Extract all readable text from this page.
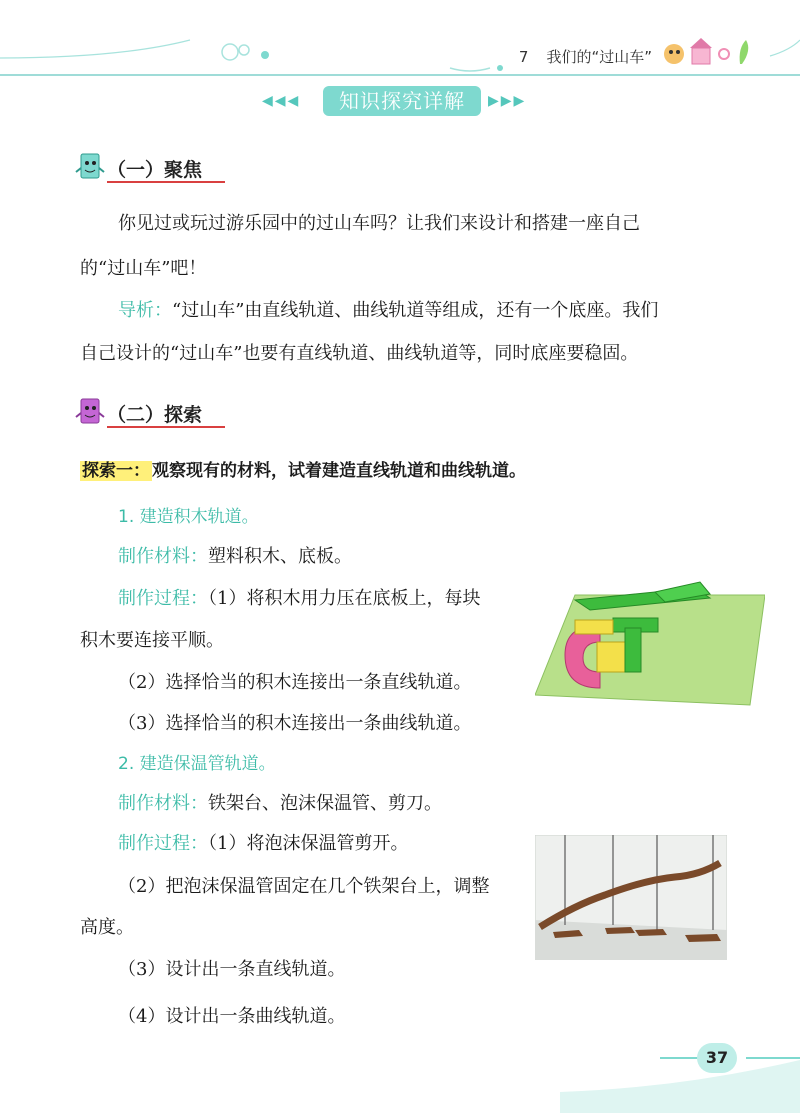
7 我们的“过山车”
◀◀◀	知识探究详解	▶▶▶
（一）聚焦
你见过或玩过游乐园中的过山车吗？让我们来设计和搭建一座自己
的“过山车”吧！
导析：“过山车”由直线轨道、曲线轨道等组成，还有一个底座。我们
自己设计的“过山车”也要有直线轨道、曲线轨道等，同时底座要稳固。
（二）探索
探索一： 观察现有的材料，试着建造直线轨道和曲线轨道。
1. 建造积木轨道。
制作材料：塑料积木、底板。
制作过程：（1）将积木用力压在底板上，每块
积木要连接平顺。
（2）选择恰当的积木连接出一条直线轨道。
（3）选择恰当的积木连接出一条曲线轨道。
2. 建造保温管轨道。
制作材料：铁架台、泡沫保温管、剪刀。
制作过程：（1）将泡沫保温管剪开。
（2）把泡沫保温管固定在几个铁架台上，调整
高度。
（3）设计出一条直线轨道。
（4）设计出一条曲线轨道。
37
